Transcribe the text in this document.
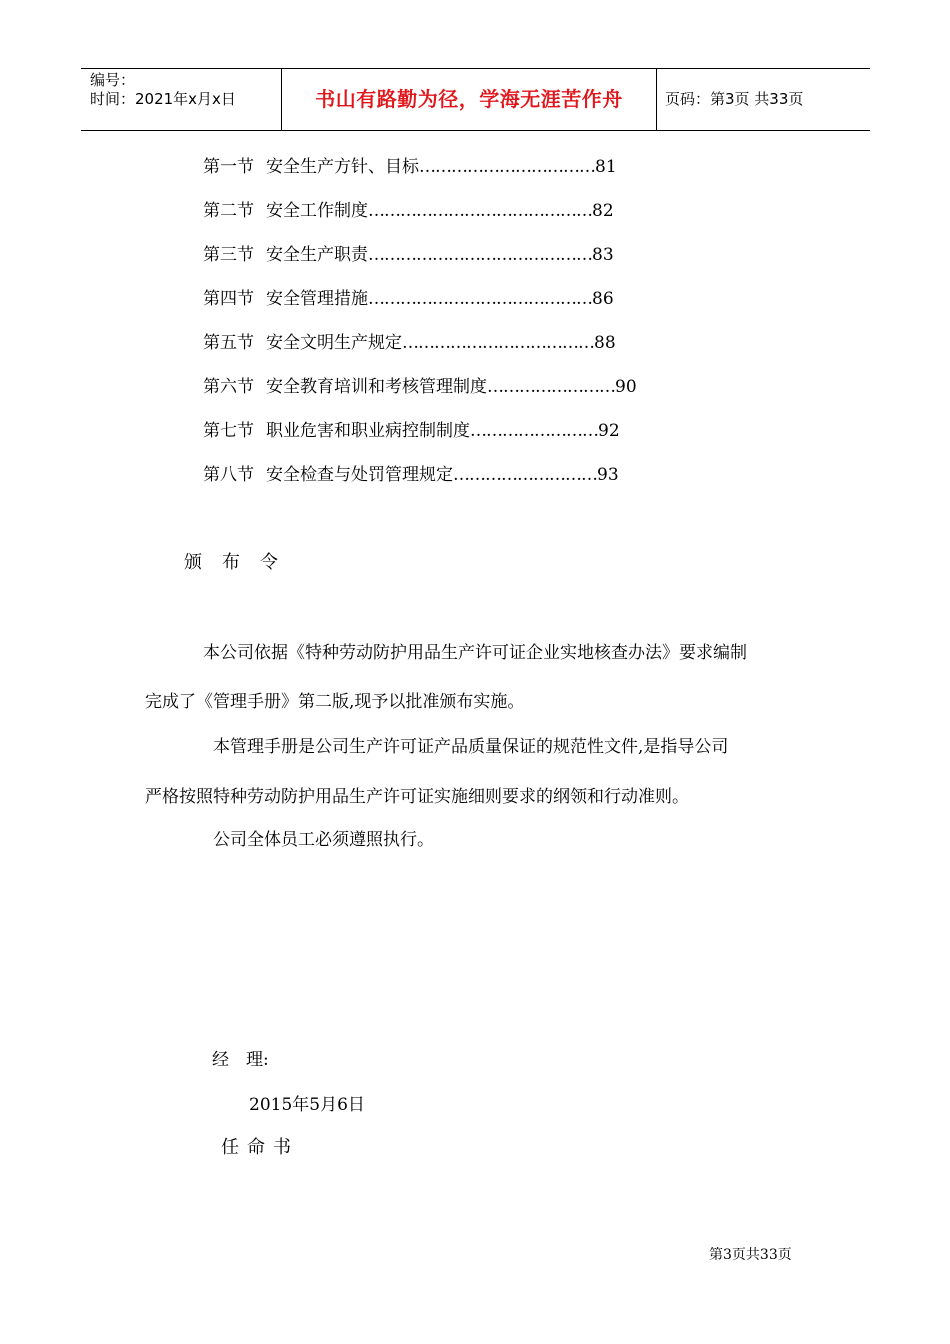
编号：
时间：2021年x月x日	书山有路勤为径，学海无涯苦作舟	页码：第3页 共33页
第一节 安全生产方针、目标……………………………81
第二节 安全工作制度……………………………………82
第三节 安全生产职责……………………………………83
第四节 安全管理措施……………………………………86
第五节 安全文明生产规定………………………………88
第六节 安全教育培训和考核管理制度……………………90
第七节 职业危害和职业病控制制度……………………92
第八节 安全检查与处罚管理规定………………………93
颁布令
本公司依据《特种劳动防护用品生产许可证企业实地核查办法》要求编制
完成了《管理手册》第二版,现予以批准颁布实施。
本管理手册是公司生产许可证产品质量保证的规范性文件,是指导公司
严格按照特种劳动防护用品生产许可证实施细则要求的纲领和行动准则。
公司全体员工必须遵照执行。
经　理:
2015年5月6日
任命书
第3页共33页
